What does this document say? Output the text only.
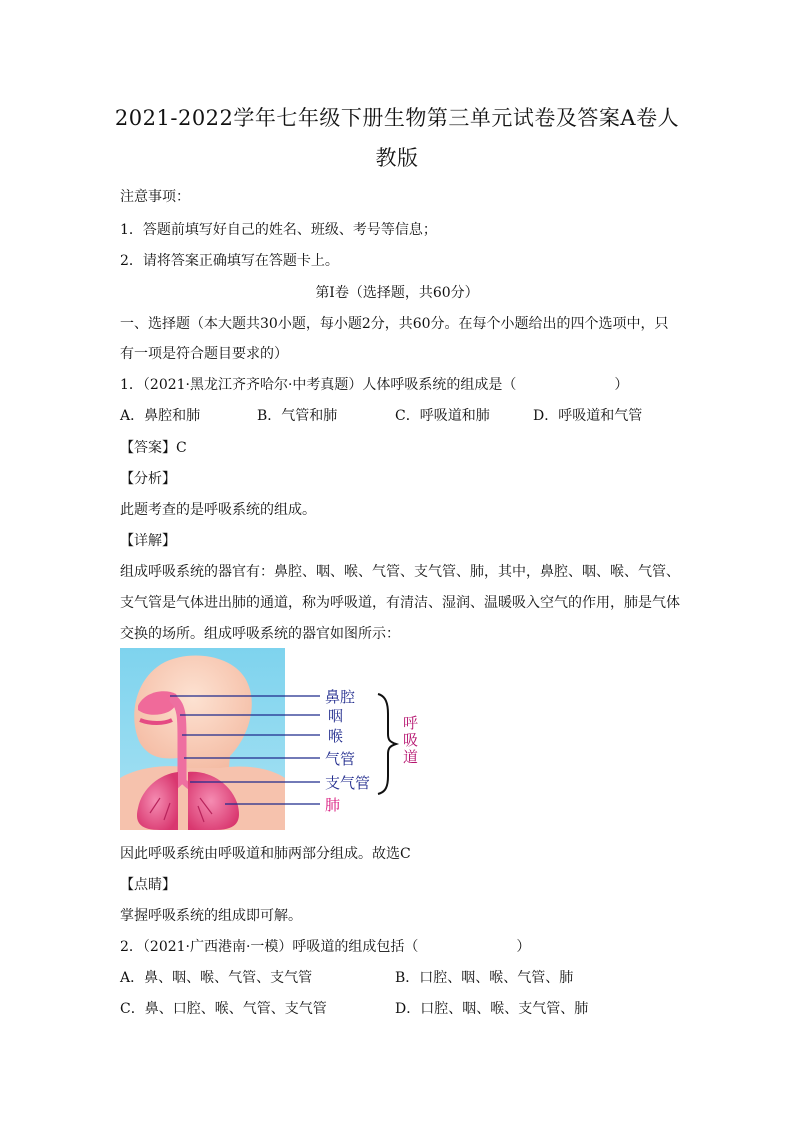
2021-2022学年七年级下册生物第三单元试卷及答案A卷人
教版
注意事项：
1．答题前填写好自己的姓名、班级、考号等信息；
2．请将答案正确填写在答题卡上。
第I卷（选择题，共60分）
一、选择题（本大题共30小题，每小题2分，共60分。在每个小题给出的四个选项中，只
有一项是符合题目要求的）
1．（2021·黑龙江齐齐哈尔·中考真题）人体呼吸系统的组成是（　　　　　　　）
A．鼻腔和肺	B．气管和肺	C．呼吸道和肺	D．呼吸道和气管
【答案】C
【分析】
此题考查的是呼吸系统的组成。
【详解】
组成呼吸系统的器官有：鼻腔、咽、喉、气管、支气管、肺，其中，鼻腔、咽、喉、气管、
支气管是气体进出肺的通道，称为呼吸道，有清洁、湿润、温暖吸入空气的作用，肺是气体
交换的场所。组成呼吸系统的器官如图所示：
鼻腔
咽
喉
气管
支气管
肺
呼
吸
道
因此呼吸系统由呼吸道和肺两部分组成。故选C
【点睛】
掌握呼吸系统的组成即可解。
2．（2021·广西港南·一模）呼吸道的组成包括（　　　　　　　）
A．鼻、咽、喉、气管、支气管	B．口腔、咽、喉、气管、肺
C．鼻、口腔、喉、气管、支气管	D．口腔、咽、喉、支气管、肺
